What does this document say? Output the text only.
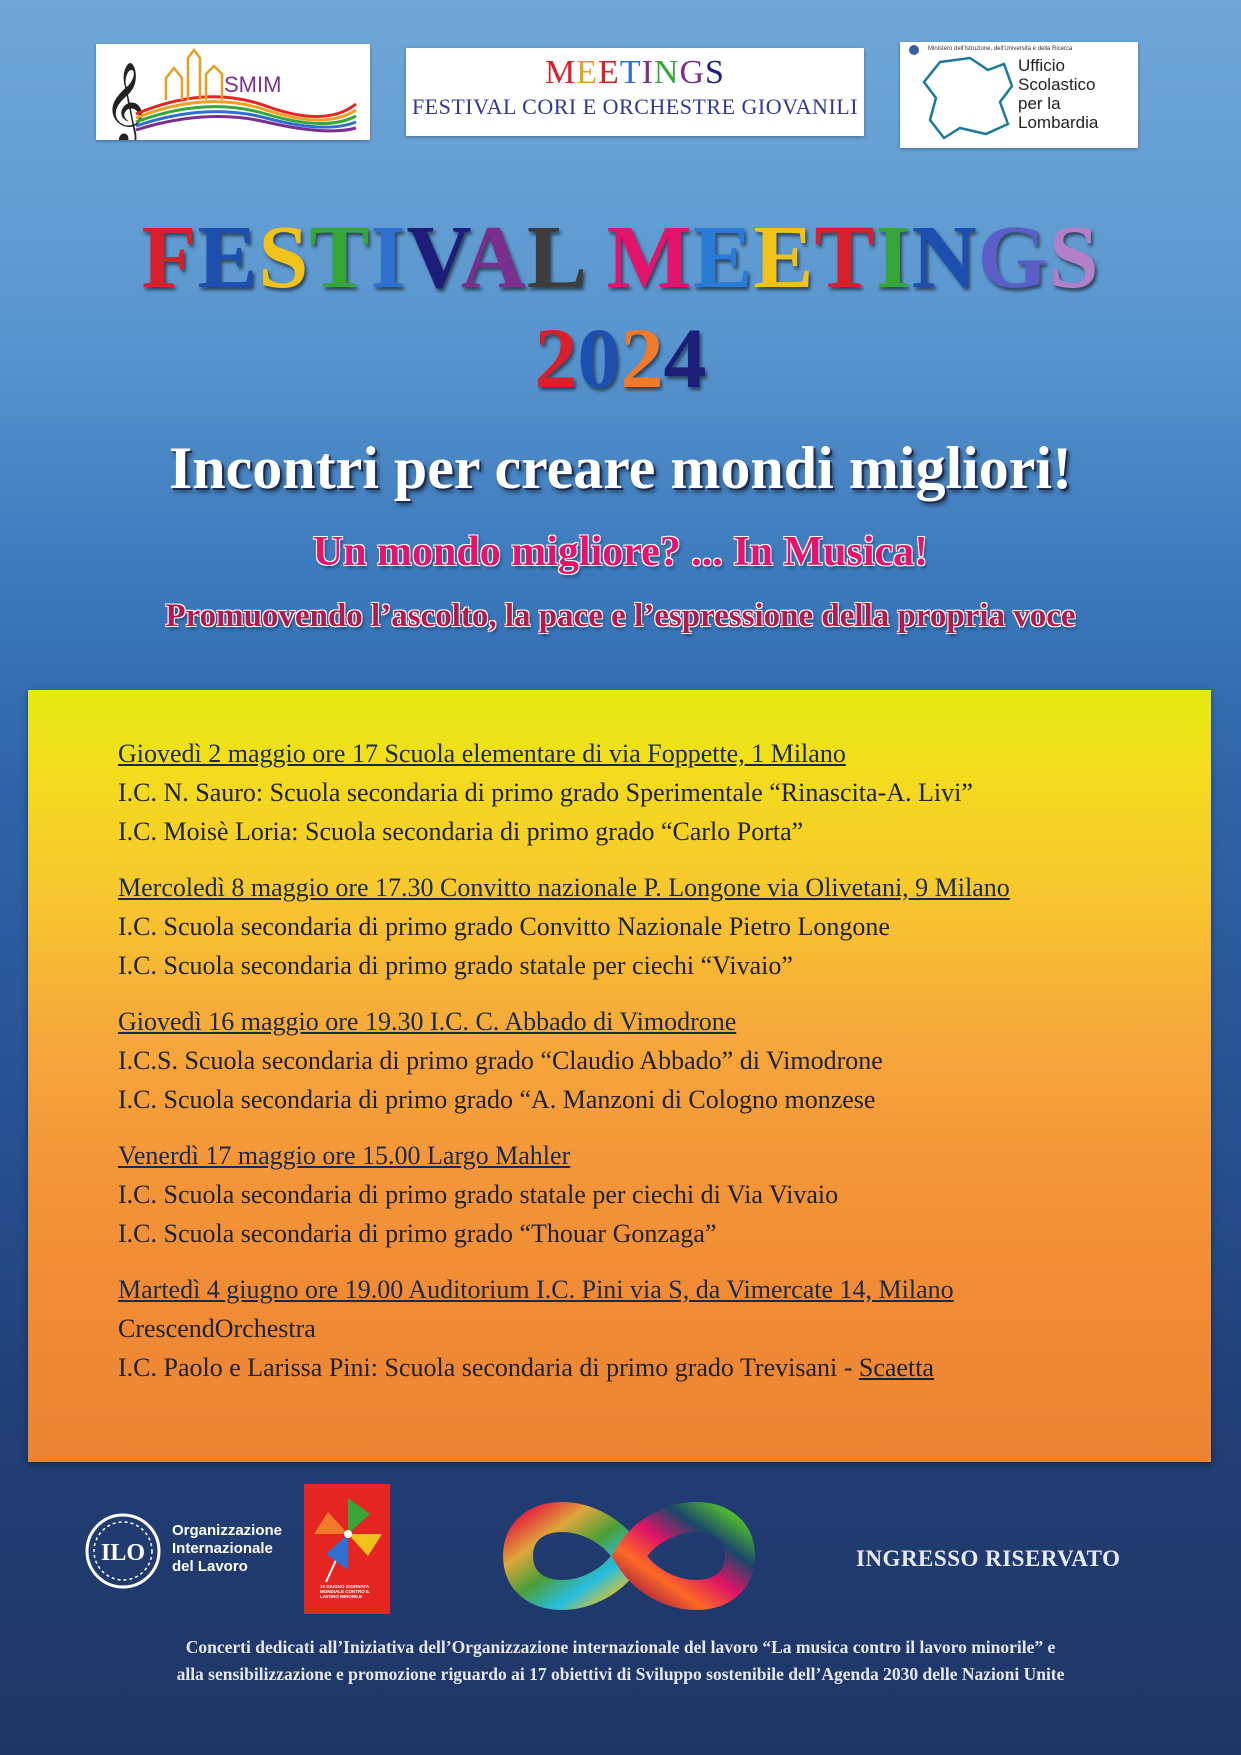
𝄞	SMIM	MEETINGS
FESTIVAL CORI E ORCHESTRE GIOVANILI
Ministero dell'Istruzione, dell'Università e della Ricerca
Ufficio
Scolastico
per la
Lombardia
FESTIVAL MEETINGS
2024
Incontri per creare mondi migliori!
Un mondo migliore? ... In Musica!
Promuovendo l’ascolto, la pace e l’espressione della propria voce
Giovedì 2 maggio ore 17 Scuola elementare di via Foppette, 1 Milano
I.C. N. Sauro: Scuola secondaria di primo grado Sperimentale “Rinascita-A. Livi”
I.C. Moisè Loria: Scuola secondaria di primo grado “Carlo Porta”
Mercoledì 8 maggio ore 17.30 Convitto nazionale P. Longone via Olivetani, 9 Milano
I.C. Scuola secondaria di primo grado Convitto Nazionale Pietro Longone
I.C. Scuola secondaria di primo grado statale per ciechi “Vivaio”
Giovedì 16 maggio ore 19.30 I.C. C. Abbado di Vimodrone
I.C.S. Scuola secondaria di primo grado “Claudio Abbado” di Vimodrone
I.C. Scuola secondaria di primo grado “A. Manzoni di Cologno monzese
Venerdì 17 maggio ore 15.00 Largo Mahler
I.C. Scuola secondaria di primo grado statale per ciechi di Via Vivaio
I.C. Scuola secondaria di primo grado “Thouar Gonzaga”
Martedì 4 giugno ore 19.00 Auditorium I.C. Pini via S, da Vimercate 14, Milano
CrescendOrchestra
I.C. Paolo e Larissa Pini: Scuola secondaria di primo grado Trevisani - Scaetta
ILO
Organizzazione
Internazionale
del Lavoro
16 GIUGNO GIORNATA MONDIALE CONTRO IL LAVORO MINORILE
INGRESSO RISERVATO
Concerti dedicati all’Iniziativa dell’Organizzazione internazionale del lavoro “La musica contro il lavoro minorile” e
alla sensibilizzazione e promozione riguardo ai 17 obiettivi di Sviluppo sostenibile dell’Agenda 2030 delle Nazioni Unite
